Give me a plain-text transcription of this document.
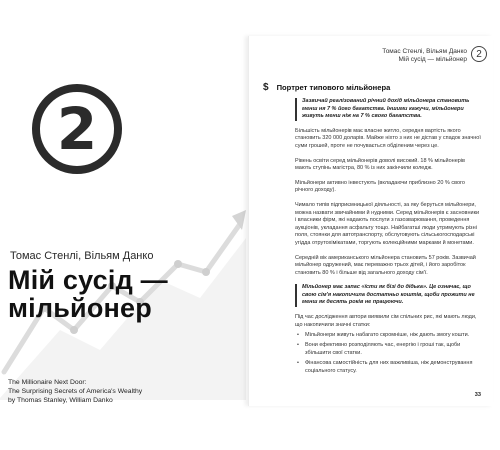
2
Томас Стенлі, Вільям Данко
Мій сусід — мільйонер
The Millionaire Next Door:
The Surprising Secrets of America's Wealthy
by Thomas Stanley, William Danko
Томас Стенлі, Вільям Данко
Мій сусід — мільйонер 2
$ Портрет типового мільйонера

Зазвичай реалізований річний дохід мільйонера становить менш ня 7 % його багатства. Іншими кажучи, мільйонери живуть менш ніж на 7 % свого багатства.

Більшість мільйонерів має власне житло, середня вартість якого становить 320 000 доларів. Майже ніхто з них не дістав у спадок значної суми грошей, проте не почувається обділеним через це.

Рівень освіти серед мільйонерів доволі високий. 18 % мільйонерів мають ступінь магістра, 80 % із них закінчили коледж.

Мільйонери активно інвестують (вкладаючи приблизно 20 % свого річного доходу).

Чимало типів підприємницької діяльності, за яку беруться мільйонери, можна назвати звичайними й нудними. Серед мільйонерів є засновники і власники фірм, які надають послуги з газозварювання, проведення аукціонів, укладання асфальту тощо. Найбагатші люди утримують різні поля, стоянки для автотранспорту, обслуговують сільськогосподарські угідда отрутохімікатами, торгують колекційними марками й монетами.

Середній вік американського мільйонера становить 57 років. Зазвичай мільйонер одружений, має переважно трьох дітей, і його заробіток становить 80 % і більше від загального доходу сім'ї.

Мільйонер має запас «їсти як бізі до дідька». Це означає, що свою сім'я накопичила достатньо коштів, щоби прожити не менш як десять років не працюючи.

Під час дослідження автори виявили сім спільних рис, які мають люди, що накопичили значні статки:

• Мільйонери живуть набагато скромніше, ніж дають змогу кошти.
• Вони ефективно розподіляють час, енергію і гроші так, щоби збільшити свої статки.
• Фінансова самостійність для них важливіша, ніж демонстрування соціального статусу.
33
